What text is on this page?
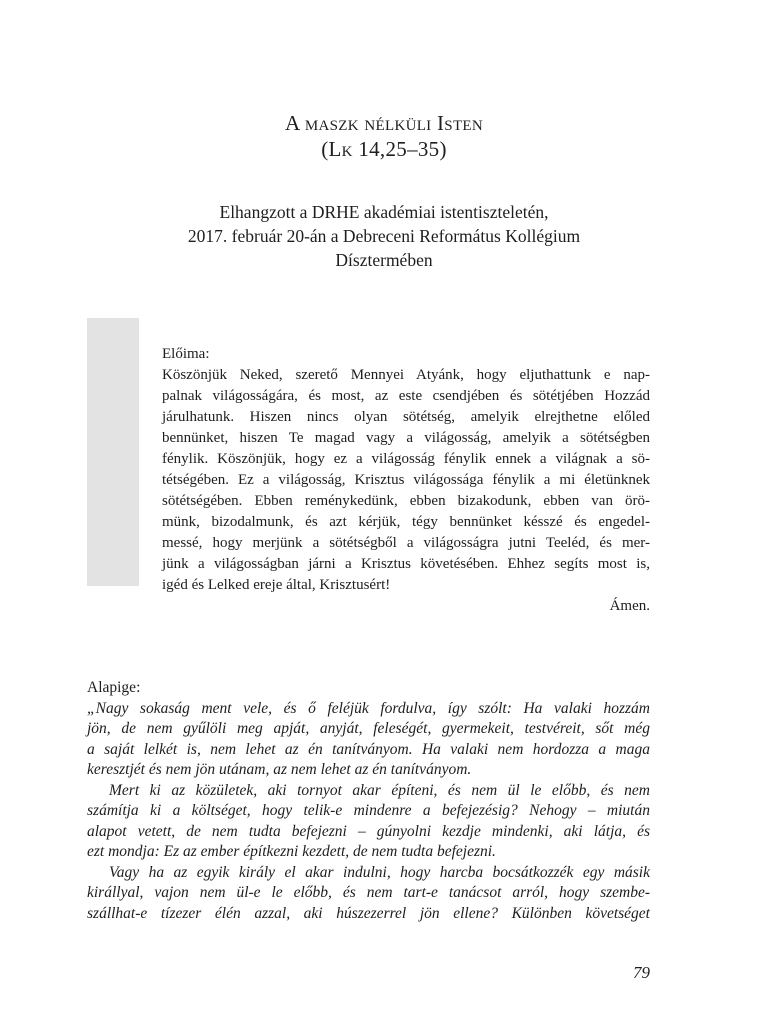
A maszk nélküli Isten
(Lk 14,25–35)
Elhangzott a DRHE akadémiai istentiszteletén,
2017. február 20-án a Debreceni Református Kollégium
Dísztermében
Előima:
Köszönjük Neked, szerető Mennyei Atyánk, hogy eljuthattunk e nap-
palnak világosságára, és most, az este csendjében és sötétjében Hozzád
járulhatunk. Hiszen nincs olyan sötétség, amelyik elrejthetne előled
bennünket, hiszen Te magad vagy a világosság, amelyik a sötétségben
fénylik. Köszönjük, hogy ez a világosság fénylik ennek a világnak a sö-
tétségében. Ez a világosság, Krisztus világossága fénylik a mi életünknek
sötétségében. Ebben reménykedünk, ebben bizakodunk, ebben van örö-
münk, bizodalmunk, és azt kérjük, tégy bennünket késszé és engedel-
messé, hogy merjünk a sötétségből a világosságra jutni Teeléd, és mer-
jünk a világosságban járni a Krisztus követésében. Ehhez segíts most is,
igéd és Lelked ereje által, Krisztusért!
Ámen.
Alapige:
„Nagy sokaság ment vele, és ő feléjük fordulva, így szólt: Ha valaki hozzám
jön, de nem gyűlöli meg apját, anyját, feleségét, gyermekeit, testvéreit, sőt még
a saját lelkét is, nem lehet az én tanítványom. Ha valaki nem hordozza a maga
keresztjét és nem jön utánam, az nem lehet az én tanítványom.
Mert ki az közületek, aki tornyot akar építeni, és nem ül le előbb, és nem
számítja ki a költséget, hogy telik-e mindenre a befejezésig? Nehogy – miután
alapot vetett, de nem tudta befejezni – gúnyolni kezdje mindenki, aki látja, és
ezt mondja: Ez az ember építkezni kezdett, de nem tudta befejezni.
Vagy ha az egyik király el akar indulni, hogy harcba bocsátkozzék egy másik
királlyal, vajon nem ül-e le előbb, és nem tart-e tanácsot arról, hogy szembe-
szállhat-e tízezer élén azzal, aki húszezerrel jön ellene? Különben követséget
79
